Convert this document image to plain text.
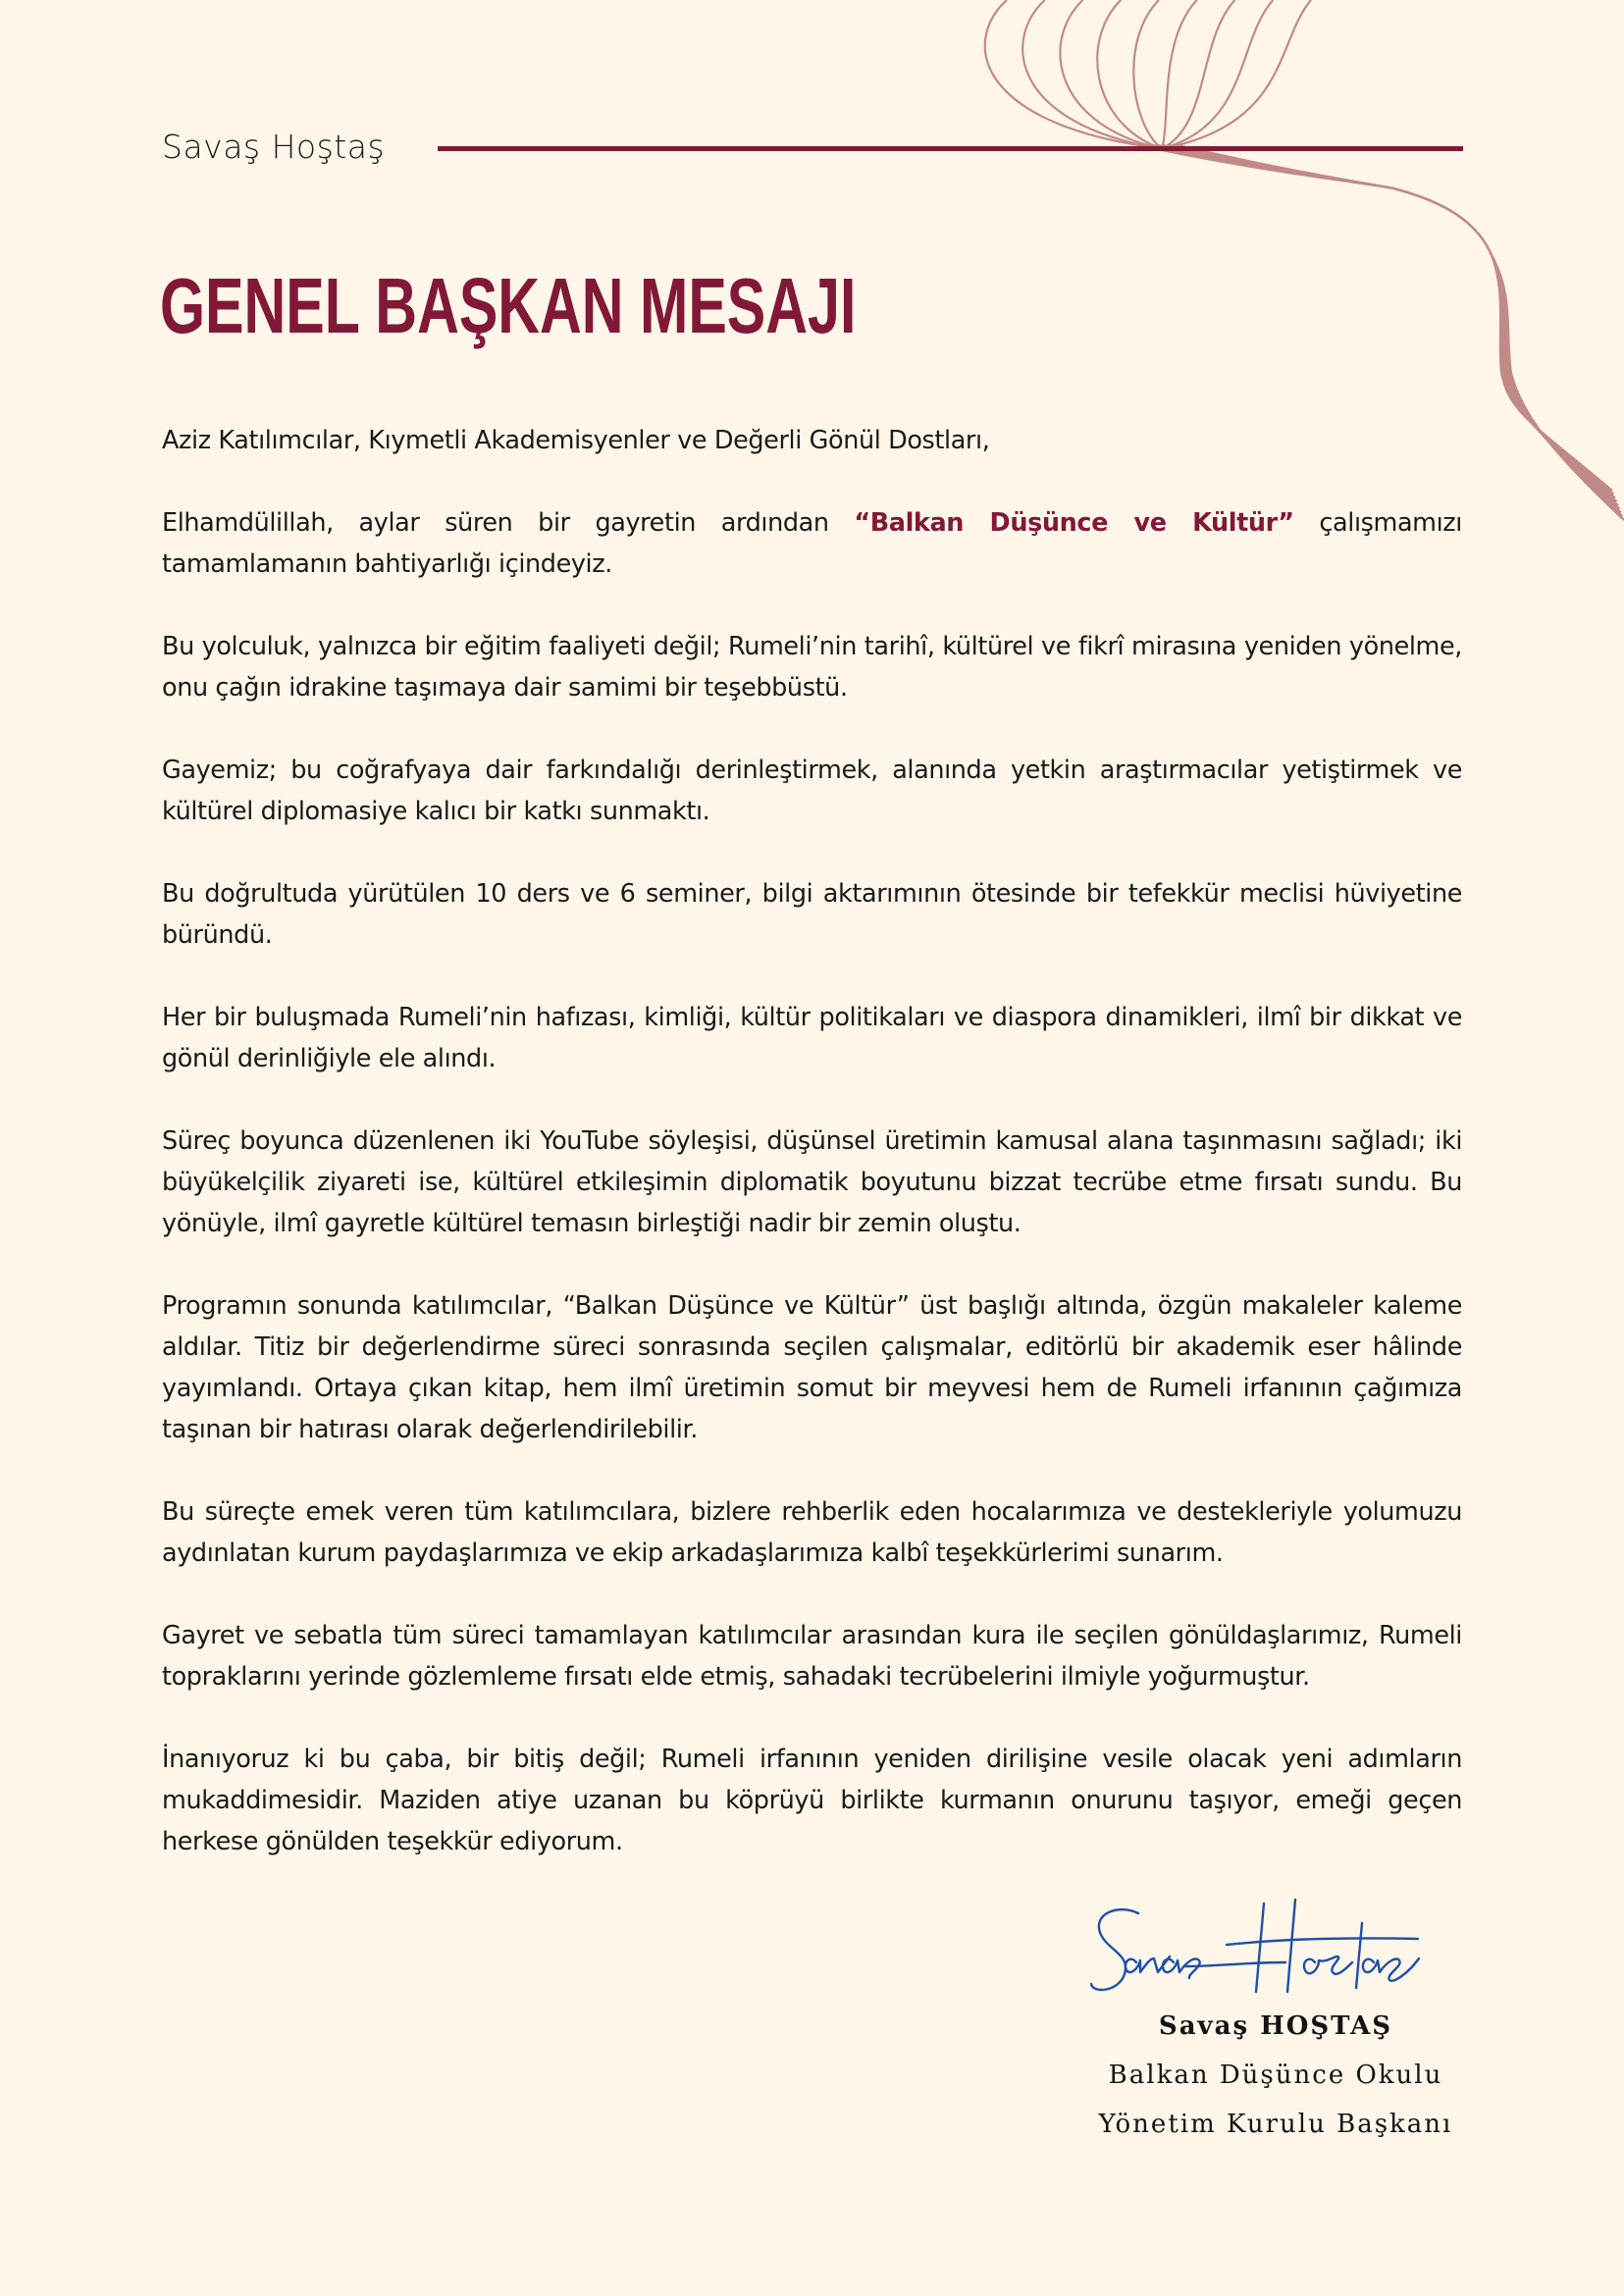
Savaş Hoştaş
GENEL BAŞKAN MESAJI

Aziz Katılımcılar, Kıymetli Akademisyenler ve Değerli Gönül Dostları,

Elhamdülillah, aylar süren bir gayretin ardından “Balkan Düşünce ve Kültür” çalışmamızı tamamlamanın bahtiyarlığı içindeyiz.

Bu yolculuk, yalnızca bir eğitim faaliyeti değil; Rumeli’nin tarihî, kültürel ve fikrî mirasına yeniden yönelme, onu çağın idrakine taşımaya dair samimi bir teşebbüstü.

Gayemiz; bu coğrafyaya dair farkındalığı derinleştirmek, alanında yetkin araştırmacılar yetiştirmek ve kültürel diplomasiye kalıcı bir katkı sunmaktı.

Bu doğrultuda yürütülen 10 ders ve 6 seminer, bilgi aktarımının ötesinde bir tefekkür meclisi hüviyetine büründü.

Her bir buluşmada Rumeli’nin hafızası, kimliği, kültür politikaları ve diaspora dinamikleri, ilmî bir dikkat ve gönül derinliğiyle ele alındı.

Süreç boyunca düzenlenen iki YouTube söyleşisi, düşünsel üretimin kamusal alana taşınmasını sağladı; iki büyükelçilik ziyareti ise, kültürel etkileşimin diplomatik boyutunu bizzat tecrübe etme fırsatı sundu. Bu yönüyle, ilmî gayretle kültürel temasın birleştiği nadir bir zemin oluştu.

Programın sonunda katılımcılar, “Balkan Düşünce ve Kültür” üst başlığı altında, özgün makaleler kaleme aldılar. Titiz bir değerlendirme süreci sonrasında seçilen çalışmalar, editörlü bir akademik eser hâlinde yayımlandı. Ortaya çıkan kitap, hem ilmî üretimin somut bir meyvesi hem de Rumeli irfanının çağımıza taşınan bir hatırası olarak değerlendirilebilir.

Bu süreçte emek veren tüm katılımcılara, bizlere rehberlik eden hocalarımıza ve destekleriyle yolumuzu aydınlatan kurum paydaşlarımıza ve ekip arkadaşlarımıza kalbî teşekkürlerimi sunarım.

Gayret ve sebatla tüm süreci tamamlayan katılımcılar arasından kura ile seçilen gönüldaşlarımız, Rumeli topraklarını yerinde gözlemleme fırsatı elde etmiş, sahadaki tecrübelerini ilmiyle yoğurmuştur.

İnanıyoruz ki bu çaba, bir bitiş değil; Rumeli irfanının yeniden dirilişine vesile olacak yeni adımların mukaddimesidir. Maziden atiye uzanan bu köprüyü birlikte kurmanın onurunu taşıyor, emeği geçen herkese gönülden teşekkür ediyorum.

Savaş HOŞTAŞ
Balkan Düşünce Okulu
Yönetim Kurulu Başkanı
